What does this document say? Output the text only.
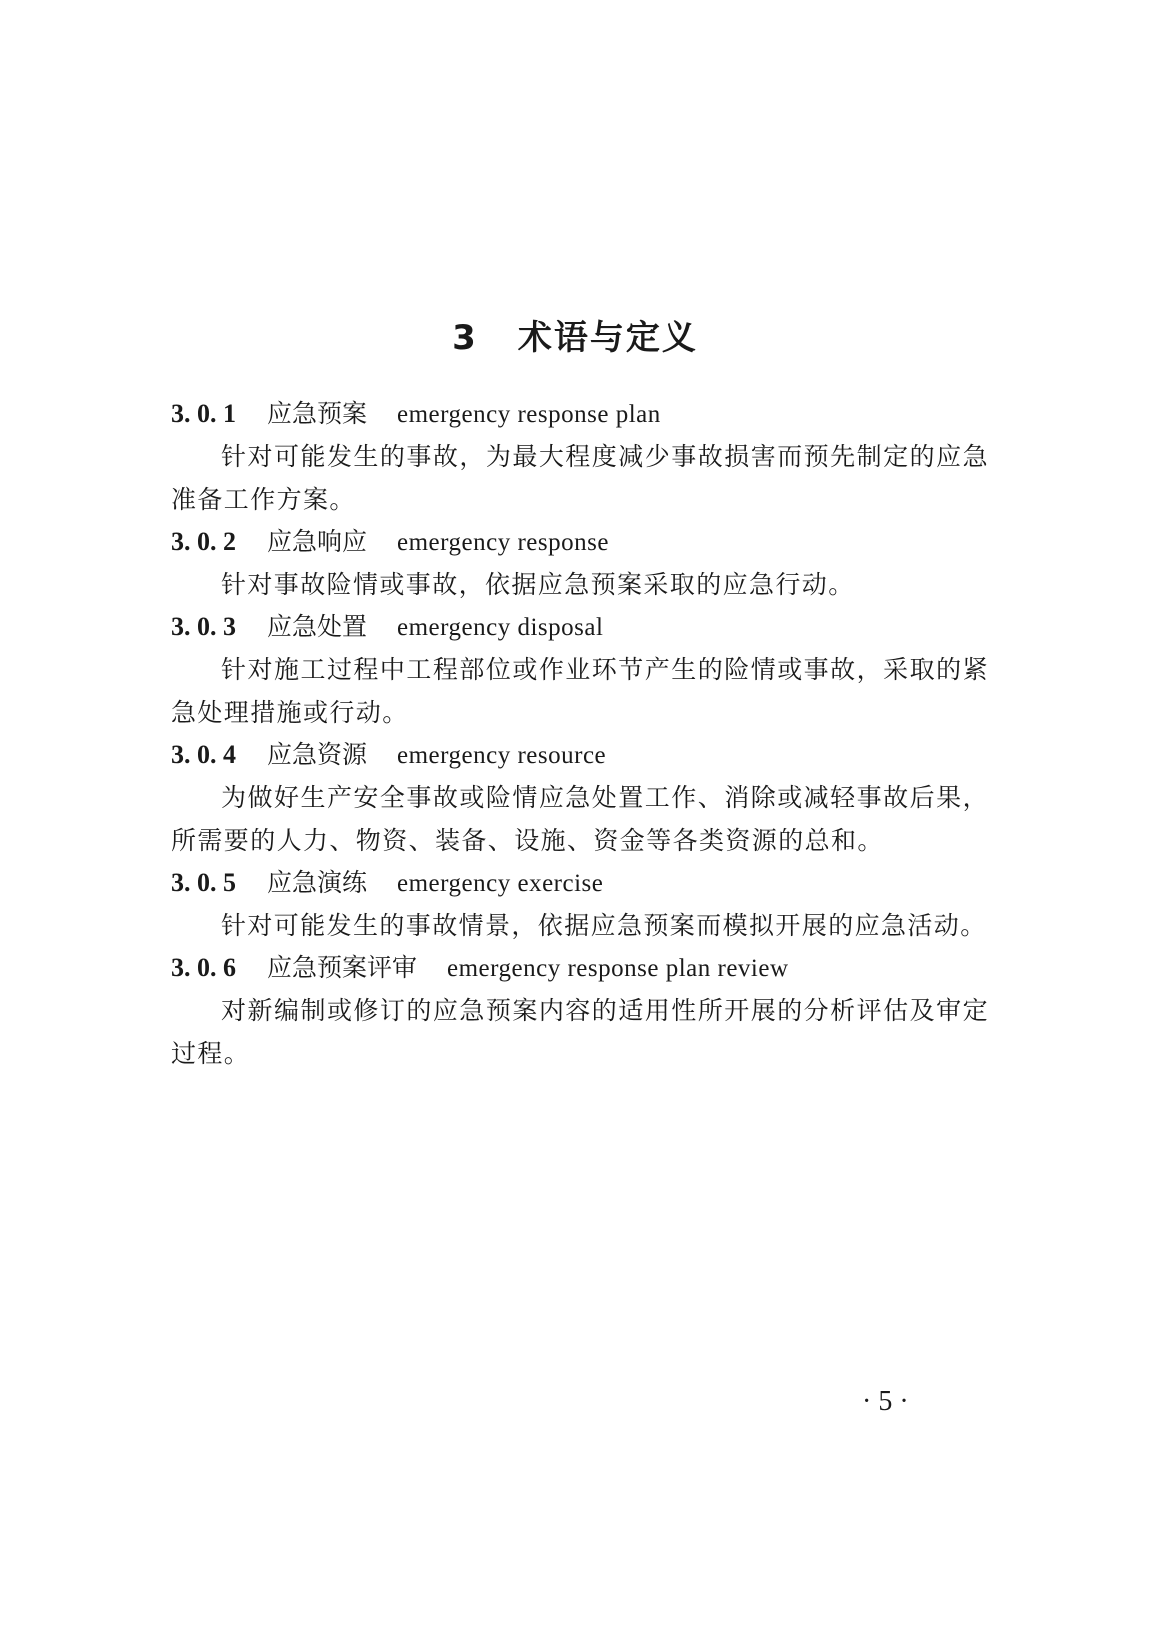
3 术语与定义
3. 0. 1 应急预案 emergency response plan

针对可能发生的事故，为最大程度减少事故损害而预先制定的应急准备工作方案。

3. 0. 2 应急响应 emergency response

针对事故险情或事故，依据应急预案采取的应急行动。

3. 0. 3 应急处置 emergency disposal

针对施工过程中工程部位或作业环节产生的险情或事故，采取的紧急处理措施或行动。

3. 0. 4 应急资源 emergency resource

为做好生产安全事故或险情应急处置工作、消除或减轻事故后果，所需要的人力、物资、装备、设施、资金等各类资源的总和。

3. 0. 5 应急演练 emergency exercise

针对可能发生的事故情景，依据应急预案而模拟开展的应急活动。

3. 0. 6 应急预案评审 emergency response plan review

对新编制或修订的应急预案内容的适用性所开展的分析评估及审定过程。

· 5 ·
